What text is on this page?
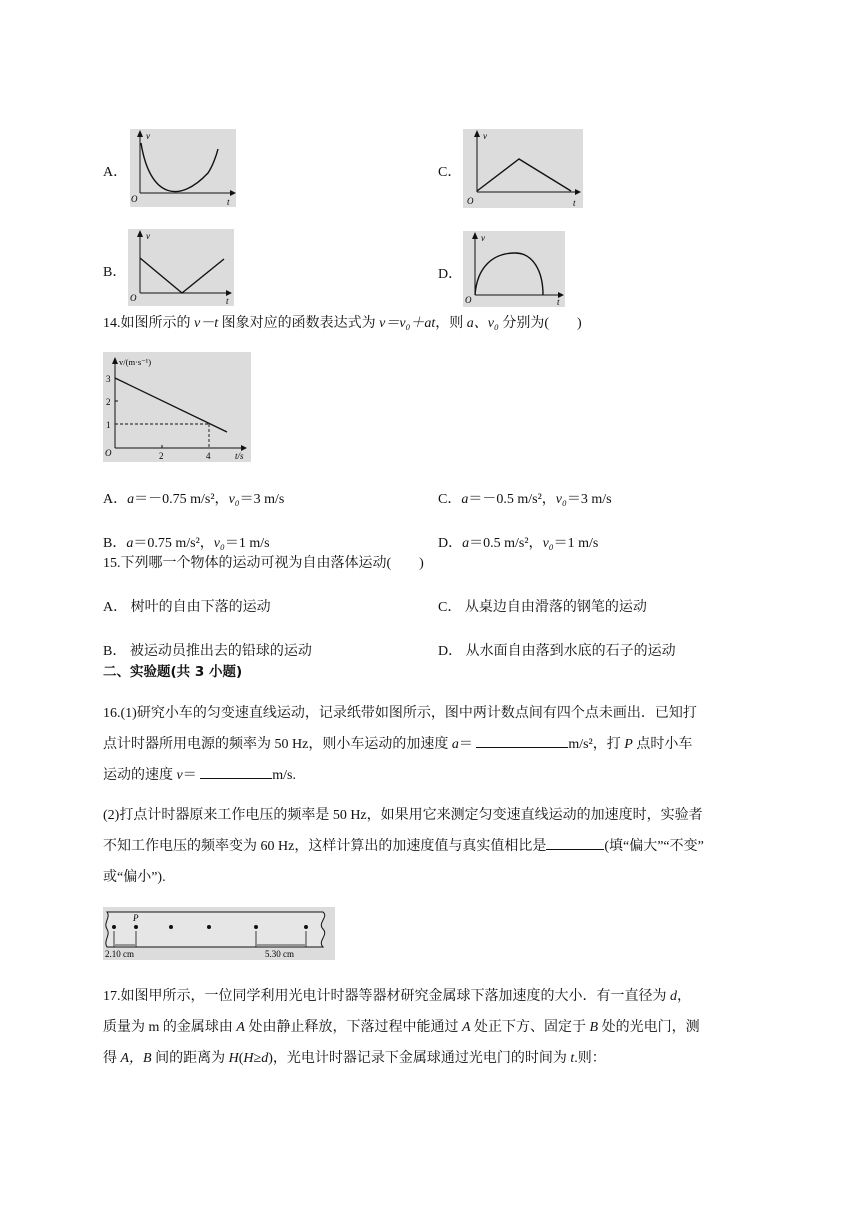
A．
v
O	t
C．
v
O	t
B．
v
O	t
D．
v
O	t
14.如图所示的 v－t 图象对应的函数表达式为 v＝v₀＋at，则 a、v₀ 分别为(　　)
v/(m·s⁻¹)
3
2
1
O	2	4	t/s
A．a＝－0.75 m/s²，v₀＝3 m/s	C．a＝－0.5 m/s²，v₀＝3 m/s
B．a＝0.75 m/s²，v₀＝1 m/s	D．a＝0.5 m/s²，v₀＝1 m/s
15.下列哪一个物体的运动可视为自由落体运动(　　)
A． 树叶的自由下落的运动	C． 从桌边自由滑落的钢笔的运动
B． 被运动员推出去的铅球的运动	D． 从水面自由落到水底的石子的运动
二、实验题(共 3 小题)
16.(1)研究小车的匀变速直线运动，记录纸带如图所示，图中两计数点间有四个点未画出．已知打
点计时器所用电源的频率为 50 Hz，则小车运动的加速度 a＝	m/s²，打 P 点时小车
运动的速度 v＝	m/s.
(2)打点计时器原来工作电压的频率是 50 Hz，如果用它来测定匀变速直线运动的加速度时，实验者
不知工作电压的频率变为 60 Hz，这样计算出的加速度值与真实值相比是	(填“偏大”“不变”
或“偏小”).
P
2.10 cm	5.30 cm
17.如图甲所示，一位同学利用光电计时器等器材研究金属球下落加速度的大小．有一直径为 d，
质量为 m 的金属球由 A 处由静止释放，下落过程中能通过 A 处正下方、固定于 B 处的光电门，测
得 A，B 间的距离为 H(H≥d)，光电计时器记录下金属球通过光电门的时间为 t.则：
